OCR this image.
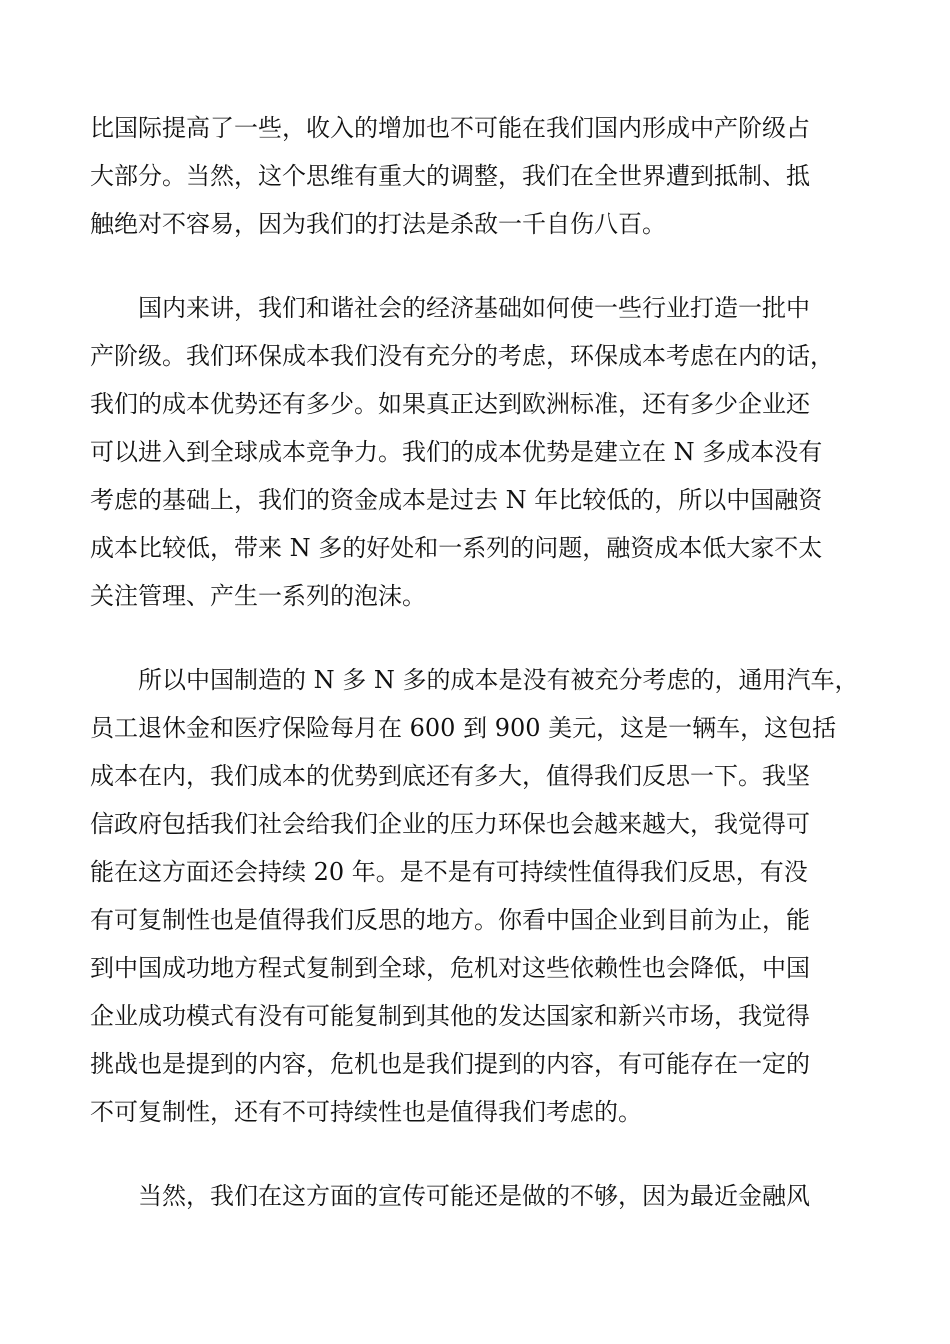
比国际提高了一些，收入的增加也不可能在我们国内形成中产阶级占
大部分。当然，这个思维有重大的调整，我们在全世界遭到抵制、抵
触绝对不容易，因为我们的打法是杀敌一千自伤八百。
国内来讲，我们和谐社会的经济基础如何使一些行业打造一批中
产阶级。我们环保成本我们没有充分的考虑，环保成本考虑在内的话，
我们的成本优势还有多少。如果真正达到欧洲标准，还有多少企业还
可以进入到全球成本竞争力。我们的成本优势是建立在 N 多成本没有
考虑的基础上，我们的资金成本是过去 N 年比较低的，所以中国融资
成本比较低，带来 N 多的好处和一系列的问题，融资成本低大家不太
关注管理、产生一系列的泡沫。
所以中国制造的 N 多 N 多的成本是没有被充分考虑的，通用汽车，
员工退休金和医疗保险每月在 600 到 900 美元，这是一辆车，这包括
成本在内，我们成本的优势到底还有多大，值得我们反思一下。我坚
信政府包括我们社会给我们企业的压力环保也会越来越大，我觉得可
能在这方面还会持续 20 年。是不是有可持续性值得我们反思，有没
有可复制性也是值得我们反思的地方。你看中国企业到目前为止，能
到中国成功地方程式复制到全球，危机对这些依赖性也会降低，中国
企业成功模式有没有可能复制到其他的发达国家和新兴市场，我觉得
挑战也是提到的内容，危机也是我们提到的内容，有可能存在一定的
不可复制性，还有不可持续性也是值得我们考虑的。
当然，我们在这方面的宣传可能还是做的不够，因为最近金融风
